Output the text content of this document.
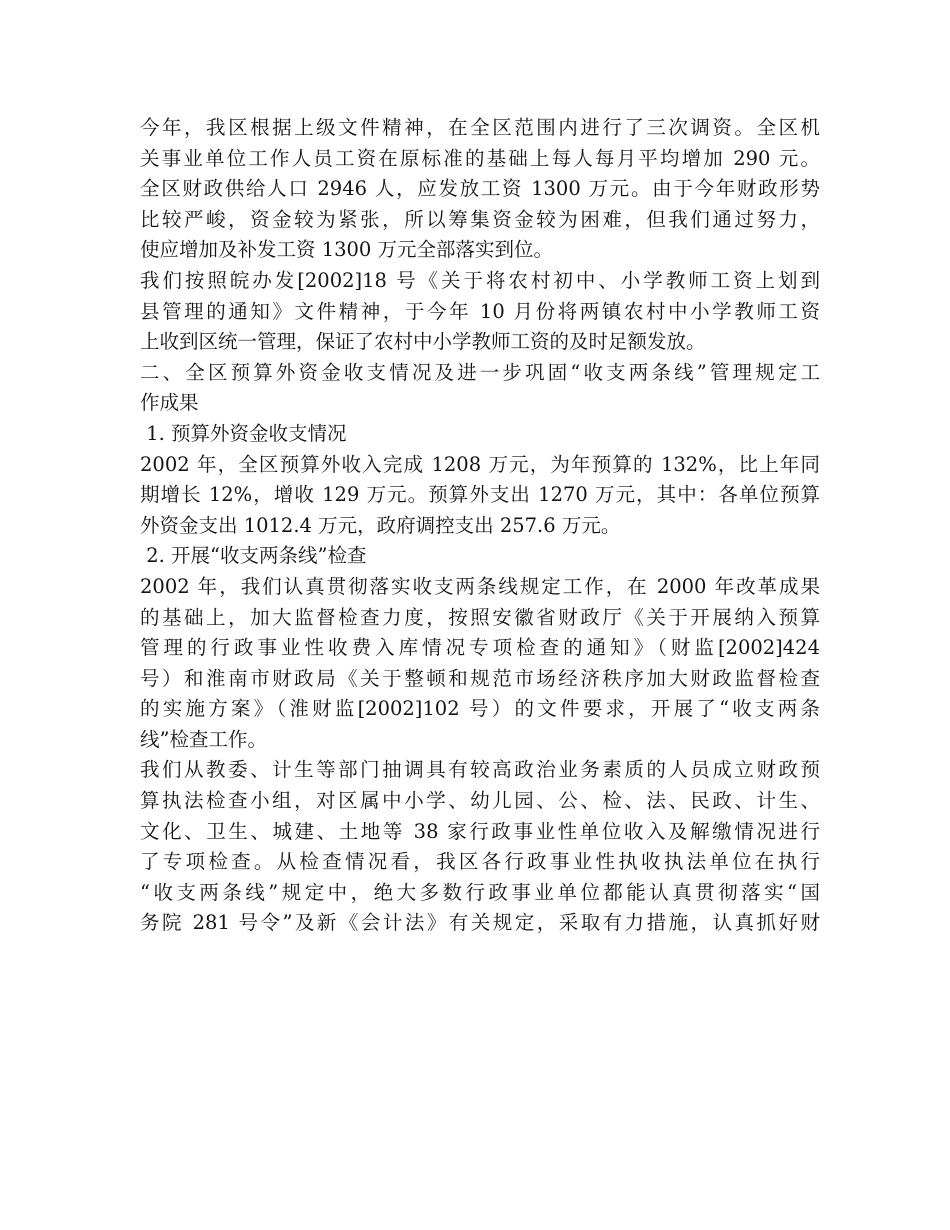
今年，我区根据上级文件精神，在全区范围内进行了三次调资。全区机
关事业单位工作人员工资在原标准的基础上每人每月平均增加 290 元。
全区财政供给人口 2946 人，应发放工资 1300 万元。由于今年财政形势
比较严峻，资金较为紧张，所以筹集资金较为困难，但我们通过努力，
使应增加及补发工资 1300 万元全部落实到位。
我们按照皖办发[2002]18 号《关于将农村初中、小学教师工资上划到
县管理的通知》文件精神，于今年 10 月份将两镇农村中小学教师工资
上收到区统一管理，保证了农村中小学教师工资的及时足额发放。
二、全区预算外资金收支情况及进一步巩固“收支两条线”管理规定工
作成果
1. 预算外资金收支情况
2002 年，全区预算外收入完成 1208 万元，为年预算的 132%，比上年同
期增长 12%，增收 129 万元。预算外支出 1270 万元，其中：各单位预算
外资金支出 1012.4 万元，政府调控支出 257.6 万元。
2. 开展“收支两条线”检查
2002 年，我们认真贯彻落实收支两条线规定工作，在 2000 年改革成果
的基础上，加大监督检查力度，按照安徽省财政厅《关于开展纳入预算
管理的行政事业性收费入库情况专项检查的通知》（财监[2002]424
号）和淮南市财政局《关于整顿和规范市场经济秩序加大财政监督检查
的实施方案》（淮财监[2002]102 号）的文件要求，开展了“收支两条
线”检查工作。
我们从教委、计生等部门抽调具有较高政治业务素质的人员成立财政预
算执法检查小组，对区属中小学、幼儿园、公、检、法、民政、计生、
文化、卫生、城建、土地等 38 家行政事业性单位收入及解缴情况进行
了专项检查。从检查情况看，我区各行政事业性执收执法单位在执行
“收支两条线”规定中，绝大多数行政事业单位都能认真贯彻落实“国
务院 281 号令”及新《会计法》有关规定，采取有力措施，认真抓好财
